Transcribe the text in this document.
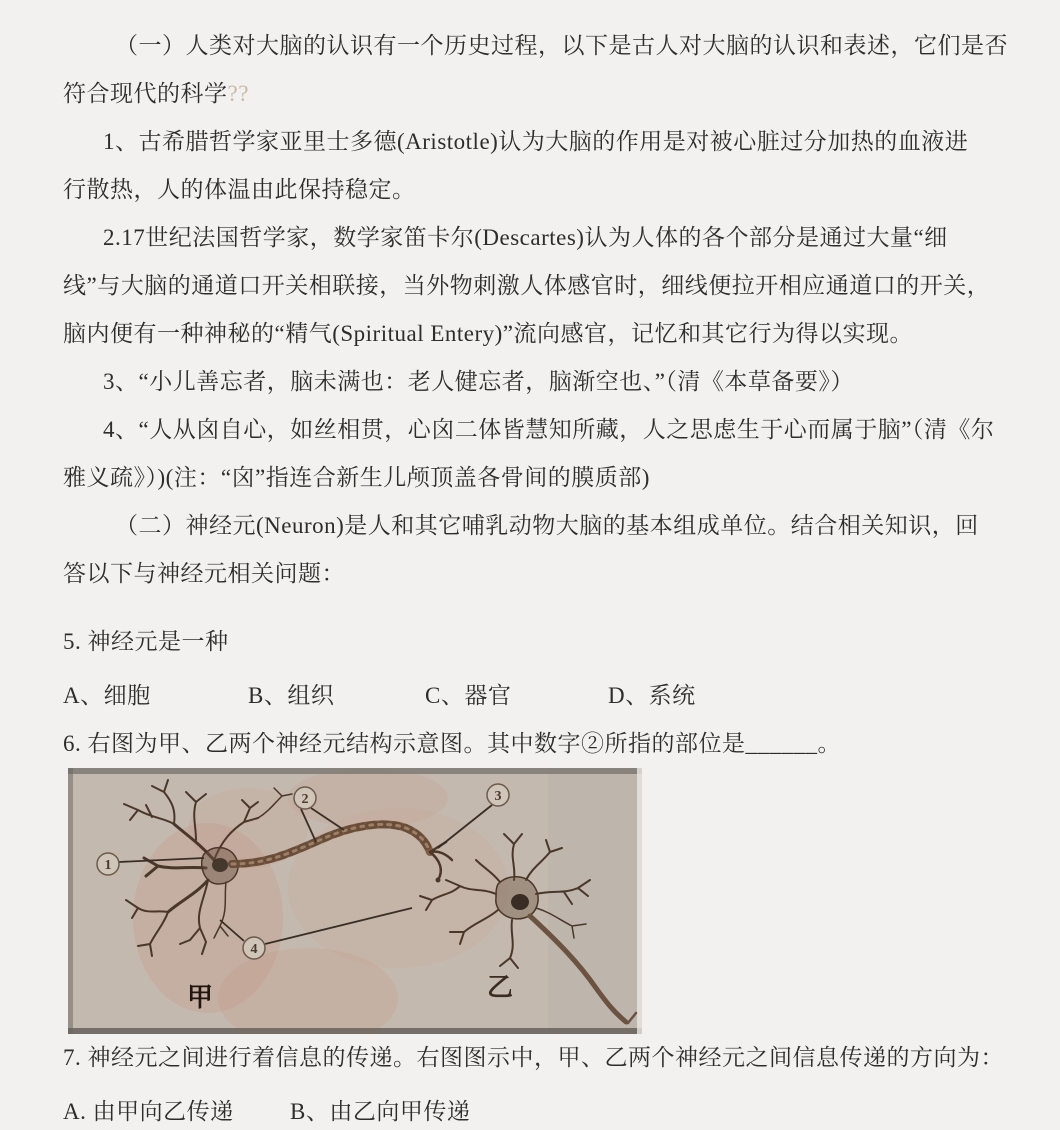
（一）人类对大脑的认识有一个历史过程，以下是古人对大脑的认识和表述，它们是否
符合现代的科学??
1、古希腊哲学家亚里士多德(Aristotle)认为大脑的作用是对被心脏过分加热的血液进
行散热，人的体温由此保持稳定。
2.17世纪法国哲学家，数学家笛卡尔(Descartes)认为人体的各个部分是通过大量“细
线”与大脑的通道口开关相联接，当外物刺激人体感官时，细线便拉开相应通道口的开关，
脑内便有一种神秘的“精气(Spiritual Entery)”流向感官，记忆和其它行为得以实现。
3、“小儿善忘者，脑未满也：老人健忘者，脑渐空也、”（清《本草备要》）
4、“人从囟自心，如丝相贯，心囟二体皆慧知所藏，人之思虑生于心而属于脑”（清《尔
雅义疏》）)(注：“囟”指连合新生儿颅顶盖各骨间的膜质部)
（二）神经元(Neuron)是人和其它哺乳动物大脑的基本组成单位。结合相关知识，回
答以下与神经元相关问题：
5. 神经元是一种
A、细胞	B、组织	C、器官	D、系统
6. 右图为甲、乙两个神经元结构示意图。其中数字②所指的部位是______。
1
2	3
4
甲	乙
7. 神经元之间进行着信息的传递。右图图示中，甲、乙两个神经元之间信息传递的方向为：
A. 由甲向乙传递	B、由乙向甲传递
